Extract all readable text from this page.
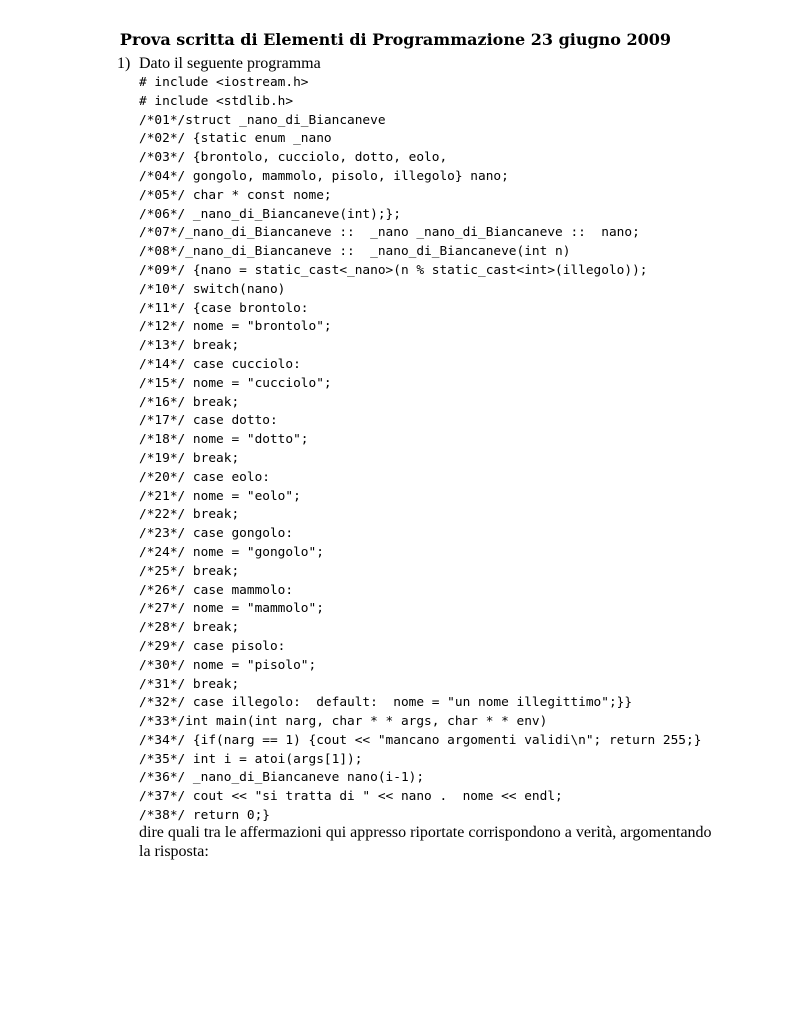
Prova scritta di Elementi di Programmazione 23 giugno 2009
1) Dato il seguente programma
# include <iostream.h>
# include <stdlib.h>
/*01*/struct _nano_di_Biancaneve
/*02*/ {static enum _nano
/*03*/ {brontolo, cucciolo, dotto, eolo,
/*04*/ gongolo, mammolo, pisolo, illegolo} nano;
/*05*/ char * const nome;
/*06*/ _nano_di_Biancaneve(int);};
/*07*/_nano_di_Biancaneve ::  _nano _nano_di_Biancaneve ::  nano;
/*08*/_nano_di_Biancaneve ::  _nano_di_Biancaneve(int n)
/*09*/ {nano = static_cast<_nano>(n % static_cast<int>(illegolo));
/*10*/ switch(nano)
/*11*/ {case brontolo:
/*12*/ nome = "brontolo";
/*13*/ break;
/*14*/ case cucciolo:
/*15*/ nome = "cucciolo";
/*16*/ break;
/*17*/ case dotto:
/*18*/ nome = "dotto";
/*19*/ break;
/*20*/ case eolo:
/*21*/ nome = "eolo";
/*22*/ break;
/*23*/ case gongolo:
/*24*/ nome = "gongolo";
/*25*/ break;
/*26*/ case mammolo:
/*27*/ nome = "mammolo";
/*28*/ break;
/*29*/ case pisolo:
/*30*/ nome = "pisolo";
/*31*/ break;
/*32*/ case illegolo:  default:  nome = "un nome illegittimo";}}
/*33*/int main(int narg, char * * args, char * * env)
/*34*/ {if(narg == 1) {cout << "mancano argomenti validi\n"; return 255;}
/*35*/ int i = atoi(args[1]);
/*36*/ _nano_di_Biancaneve nano(i-1);
/*37*/ cout << "si tratta di " << nano .  nome << endl;
/*38*/ return 0;}

dire quali tra le affermazioni qui appresso riportate corrispondono a verità, argomentando
la risposta:
